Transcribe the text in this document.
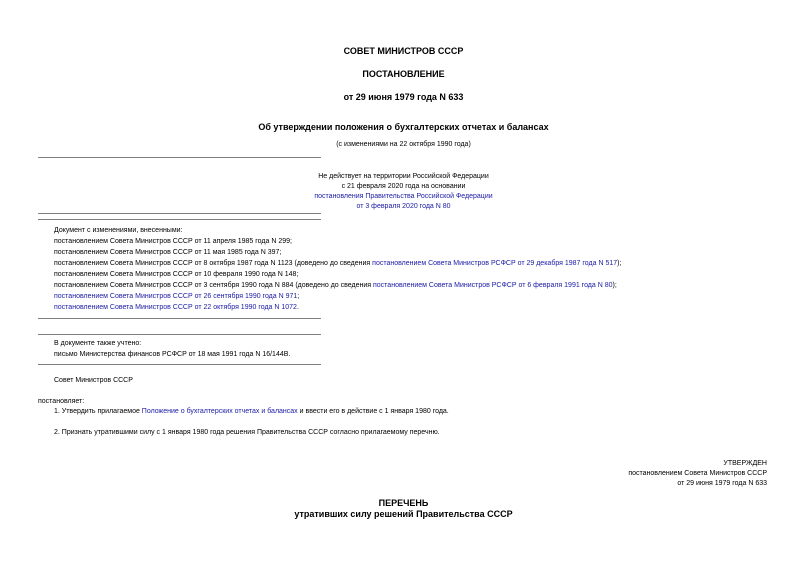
СОВЕТ МИНИСТРОВ СССР
ПОСТАНОВЛЕНИЕ
от 29 июня 1979 года N 633
Об утверждении положения о бухгалтерских отчетах и балансах
(с изменениями на 22 октября 1990 года)
Не действует на территории Российской Федерации
с 21 февраля 2020 года на основании
постановления Правительства Российской Федерации
от 3 февраля 2020 года N 80
Документ с изменениями, внесенными:
постановлением Совета Министров СССР от 11 апреля 1985 года N 299;
постановлением Совета Министров СССР от 11 мая 1985 года N 397;
постановлением Совета Министров СССР от 8 октября 1987 года N 1123 (доведено до сведения постановлением Совета Министров РСФСР от 29 декабря 1987 года N 517);
постановлением Совета Министров СССР от 10 февраля 1990 года N 148;
постановлением Совета Министров СССР от 3 сентября 1990 года N 884 (доведено до сведения постановлением Совета Министров РСФСР от 6 февраля 1991 года N 80);
постановлением Совета Министров СССР от 26 сентября 1990 года N 971;
постановлением Совета Министров СССР от 22 октября 1990 года N 1072.
В документе также учтено:
письмо Министерства финансов РСФСР от 18 мая 1991 года N 16/144В.
Совет Министров СССР
постановляет:
1. Утвердить прилагаемое Положение о бухгалтерских отчетах и балансах и ввести его в действие с 1 января 1980 года.
2. Признать утратившими силу с 1 января 1980 года решения Правительства СССР согласно прилагаемому перечню.
УТВЕРЖДЕН
постановлением Совета Министров СССР
от 29 июня 1979 года N 633
ПЕРЕЧЕНЬ
утративших силу решений Правительства СССР
